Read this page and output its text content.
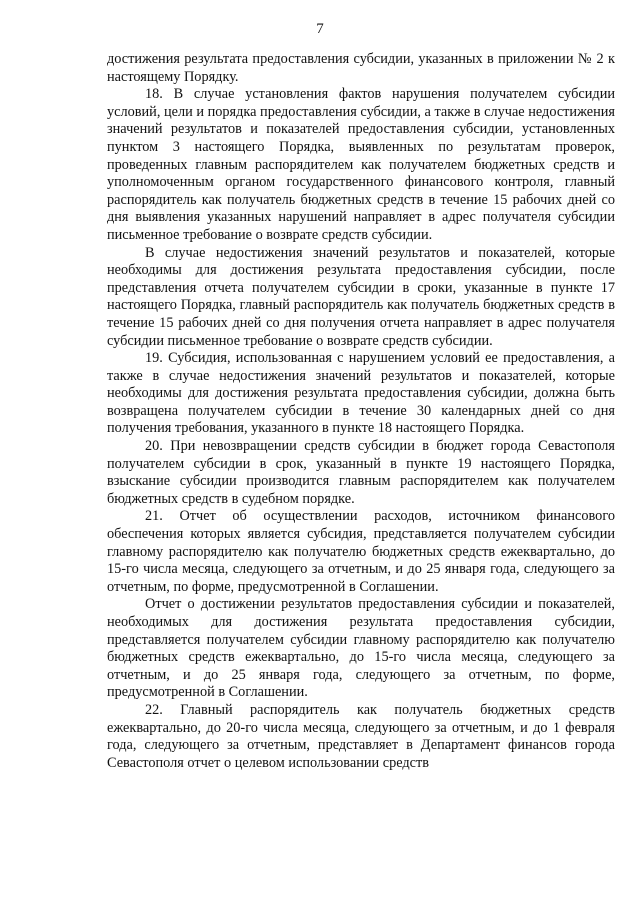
7

достижения результата предоставления субсидии, указанных в приложении № 2 к настоящему Порядку.

18. В случае установления фактов нарушения получателем субсидии условий, цели и порядка предоставления субсидии, а также в случае недостижения значений результатов и показателей предоставления субсидии, установленных пунктом 3 настоящего Порядка, выявленных по результатам проверок, проведенных главным распорядителем как получателем бюджетных средств и уполномоченным органом государственного финансового контроля, главный распорядитель как получатель бюджетных средств в течение 15 рабочих дней со дня выявления указанных нарушений направляет в адрес получателя субсидии письменное требование о возврате средств субсидии.

В случае недостижения значений результатов и показателей, которые необходимы для достижения результата предоставления субсидии, после представления отчета получателем субсидии в сроки, указанные в пункте 17 настоящего Порядка, главный распорядитель как получатель бюджетных средств в течение 15 рабочих дней со дня получения отчета направляет в адрес получателя субсидии письменное требование о возврате средств субсидии.

19. Субсидия, использованная с нарушением условий ее предоставления, а также в случае недостижения значений результатов и показателей, которые необходимы для достижения результата предоставления субсидии, должна быть возвращена получателем субсидии в течение 30 календарных дней со дня получения требования, указанного в пункте 18 настоящего Порядка.

20. При невозвращении средств субсидии в бюджет города Севастополя получателем субсидии в срок, указанный в пункте 19 настоящего Порядка, взыскание субсидии производится главным распорядителем как получателем бюджетных средств в судебном порядке.

21. Отчет об осуществлении расходов, источником финансового обеспечения которых является субсидия, представляется получателем субсидии главному распорядителю как получателю бюджетных средств ежеквартально, до 15-го числа месяца, следующего за отчетным, и до 25 января года, следующего за отчетным, по форме, предусмотренной в Соглашении.

Отчет о достижении результатов предоставления субсидии и показателей, необходимых для достижения результата предоставления субсидии, представляется получателем субсидии главному распорядителю как получателю бюджетных средств ежеквартально, до 15-го числа месяца, следующего за отчетным, и до 25 января года, следующего за отчетным, по форме, предусмотренной в Соглашении.

22. Главный распорядитель как получатель бюджетных средств ежеквартально, до 20-го числа месяца, следующего за отчетным, и до 1 февраля года, следующего за отчетным, представляет в Департамент финансов города Севастополя отчет о целевом использовании средств
